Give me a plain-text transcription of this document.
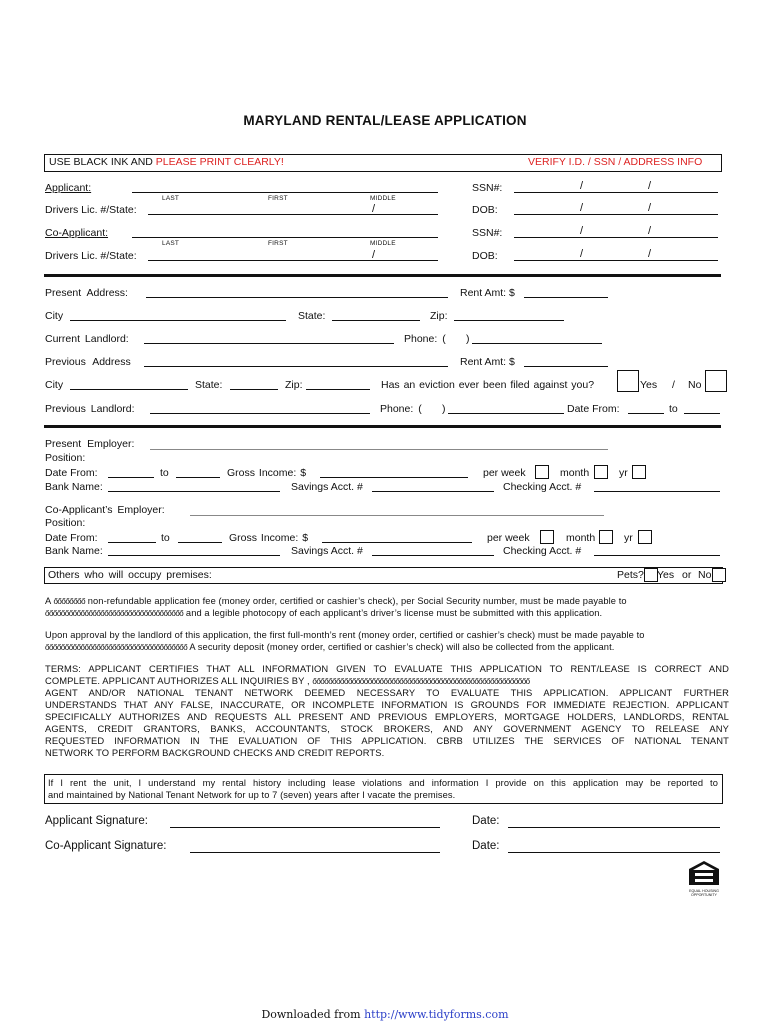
MARYLAND RENTAL/LEASE APPLICATION
USE BLACK INK AND PLEASE PRINT CLEARLY!	VERIFY I.D. / SSN / ADDRESS INFO
Applicant:
LAST	FIRST	MIDDLE
SSN#:	/	/
Drivers Lic. #/State:	/	DOB:	/	/
Co-Applicant:
LAST	FIRST	MIDDLE
SSN#:	/	/
Drivers Lic. #/State:	/	DOB:	/	/
Present Address:	Rent Amt: $
City	State:	Zip:
Current Landlord:	Phone: ( )
Previous Address	Rent Amt: $
City	State:	Zip:	Has an eviction ever been filed against you?	Yes / No
Previous Landlord:	Phone: ( )	Date From:	to
Present Employer:
Position:
Date From:	to	Gross Income: $	per week	month	yr
Bank Name:	Savings Acct. #	Checking Acct. #
Co-Applicant’s Employer:
Position:
Date From:	to	Gross Income: $	per week	month	yr
Bank Name:	Savings Acct. #	Checking Acct. #
Others who will occupy premises:	Pets? Yes or No
A őőőőőőőő non-refundable application fee (money order, certified or cashier’s check), per Social Security number, must be made payable to
őőőőőőőőőőőőőőőőőőőőőőőőőőőőőőőőőőő and a legible photocopy of each applicant’s driver’s license must be submitted with this application.
Upon approval by the landlord of this application, the first full-month’s rent (money order, certified or cashier’s check) must be made payable to
őőőőőőőőőőőőőőőőőőőőőőőőőőőőőőőőőőőő A security deposit (money order, certified or cashier’s check) will also be collected from the applicant.
TERMS: APPLICANT CERTIFIES THAT ALL INFORMATION GIVEN TO EVALUATE THIS APPLICATION TO RENT/LEASE IS CORRECT AND
COMPLETE. APPLICANT AUTHORIZES ALL INQUIRIES BY , őőőőőőőőőőőőőőőőőőőőőőőőőőőőőőőőőőőőőőőőőőőőőőőőőőőőőőő
AGENT AND/OR NATIONAL TENANT NETWORK DEEMED NECESSARY TO EVALUATE THIS APPLICATION. APPLICANT FURTHER
UNDERSTANDS THAT ANY FALSE, INACCURATE, OR INCOMPLETE INFORMATION IS GROUNDS FOR IMMEDIATE REJECTION. APPLICANT
SPECIFICALLY AUTHORIZES AND REQUESTS ALL PRESENT AND PREVIOUS EMPLOYERS, MORTGAGE HOLDERS, LANDLORDS, RENTAL
AGENTS, CREDIT GRANTORS, BANKS, ACCOUNTANTS, STOCK BROKERS, AND ANY GOVERNMENT AGENCY TO RELEASE ANY
REQUESTED INFORMATION IN THE EVALUATION OF THIS APPLICATION. CBRB UTILIZES THE SERVICES OF NATIONAL TENANT
NETWORK TO PERFORM BACKGROUND CHECKS AND CREDIT REPORTS.
If I rent the unit, I understand my rental history including lease violations and information I provide on this application may be reported to
and maintained by National Tenant Network for up to 7 (seven) years after I vacate the premises.
Applicant Signature:	Date:
Co-Applicant Signature:	Date:
EQUAL HOUSING OPPORTUNITY
Downloaded from http://www.tidyforms.com
